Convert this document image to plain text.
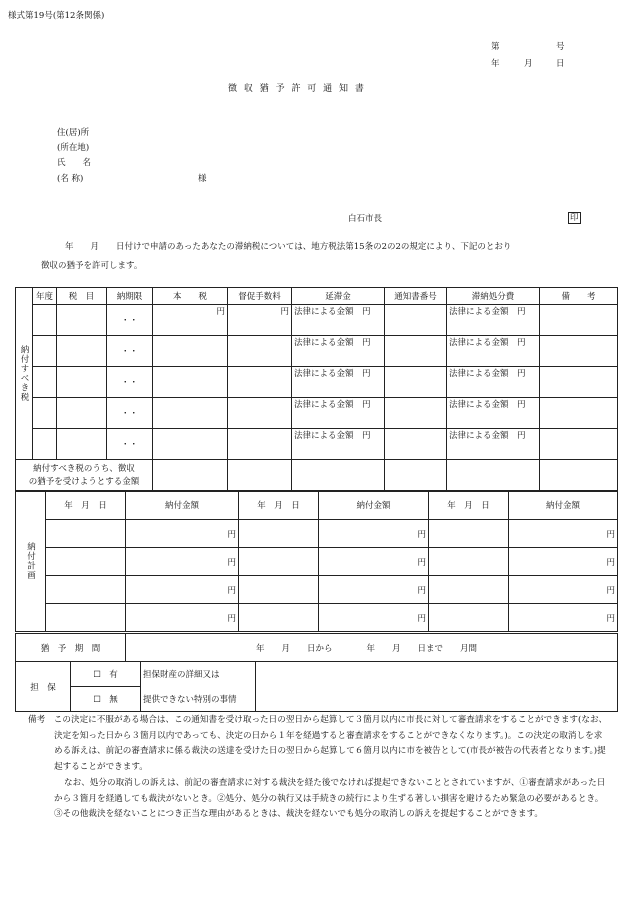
様式第19号(第12条関係)
第	号
年	月	日
徴 収 猶 予 許 可 通 知 書
住(居)所
(所在地)
氏　　名
(名 称)	様
白石市長	印
年　　月　　日付けで申請のあったあなたの滞納税については、地方税法第15条の2の2の規定により、下記のとおり
徴収の猶予を許可します。
納付すべき税	年度	税　目	納期限	本　　税	督促手数料	延滞金	通知書番号	滞納処分費	備　　考
			・・	円	円	法律による金額　円		法律による金額　円	
			・・			法律による金額　円		法律による金額　円	
			・・			法律による金額　円		法律による金額　円	
			・・			法律による金額　円		法律による金額　円	
			・・			法律による金額　円		法律による金額　円	

納付すべき税のうち、徴収
の猶予を受けようとする金額									

納付計画	年　月　日	納付金額	年　月　日	納付金額	年　月　日	納付金額
		円		円		円
		円		円		円
		円		円		円
		円		円		円
猶　予　期　間	年　　月　　日から　　　　年　　月　　日まで　　月間
担　保	☐　有	担保財産の詳細又は	
	☐　無	提供できない特別の事情	
備考　この決定に不服がある場合は、この通知書を受け取った日の翌日から起算して３箇月以内に市長に対して審査請求をすることができます(なお、決定を知った日から３箇月以内であっても、決定の日から１年を経過すると審査請求をすることができなくなります。)。この決定の取消しを求める訴えは、前記の審査請求に係る裁決の送達を受けた日の翌日から起算して６箇月以内に市を被告として(市長が被告の代表者となります。)提起することができます。
なお、処分の取消しの訴えは、前記の審査請求に対する裁決を経た後でなければ提起できないこととされていますが、①審査請求があった日から３箇月を経過しても裁決がないとき。②処分、処分の執行又は手続きの続行により生ずる著しい損害を避けるため緊急の必要があるとき。③その他裁決を経ないことにつき正当な理由があるときは、裁決を経ないでも処分の取消しの訴えを提起することができます。
